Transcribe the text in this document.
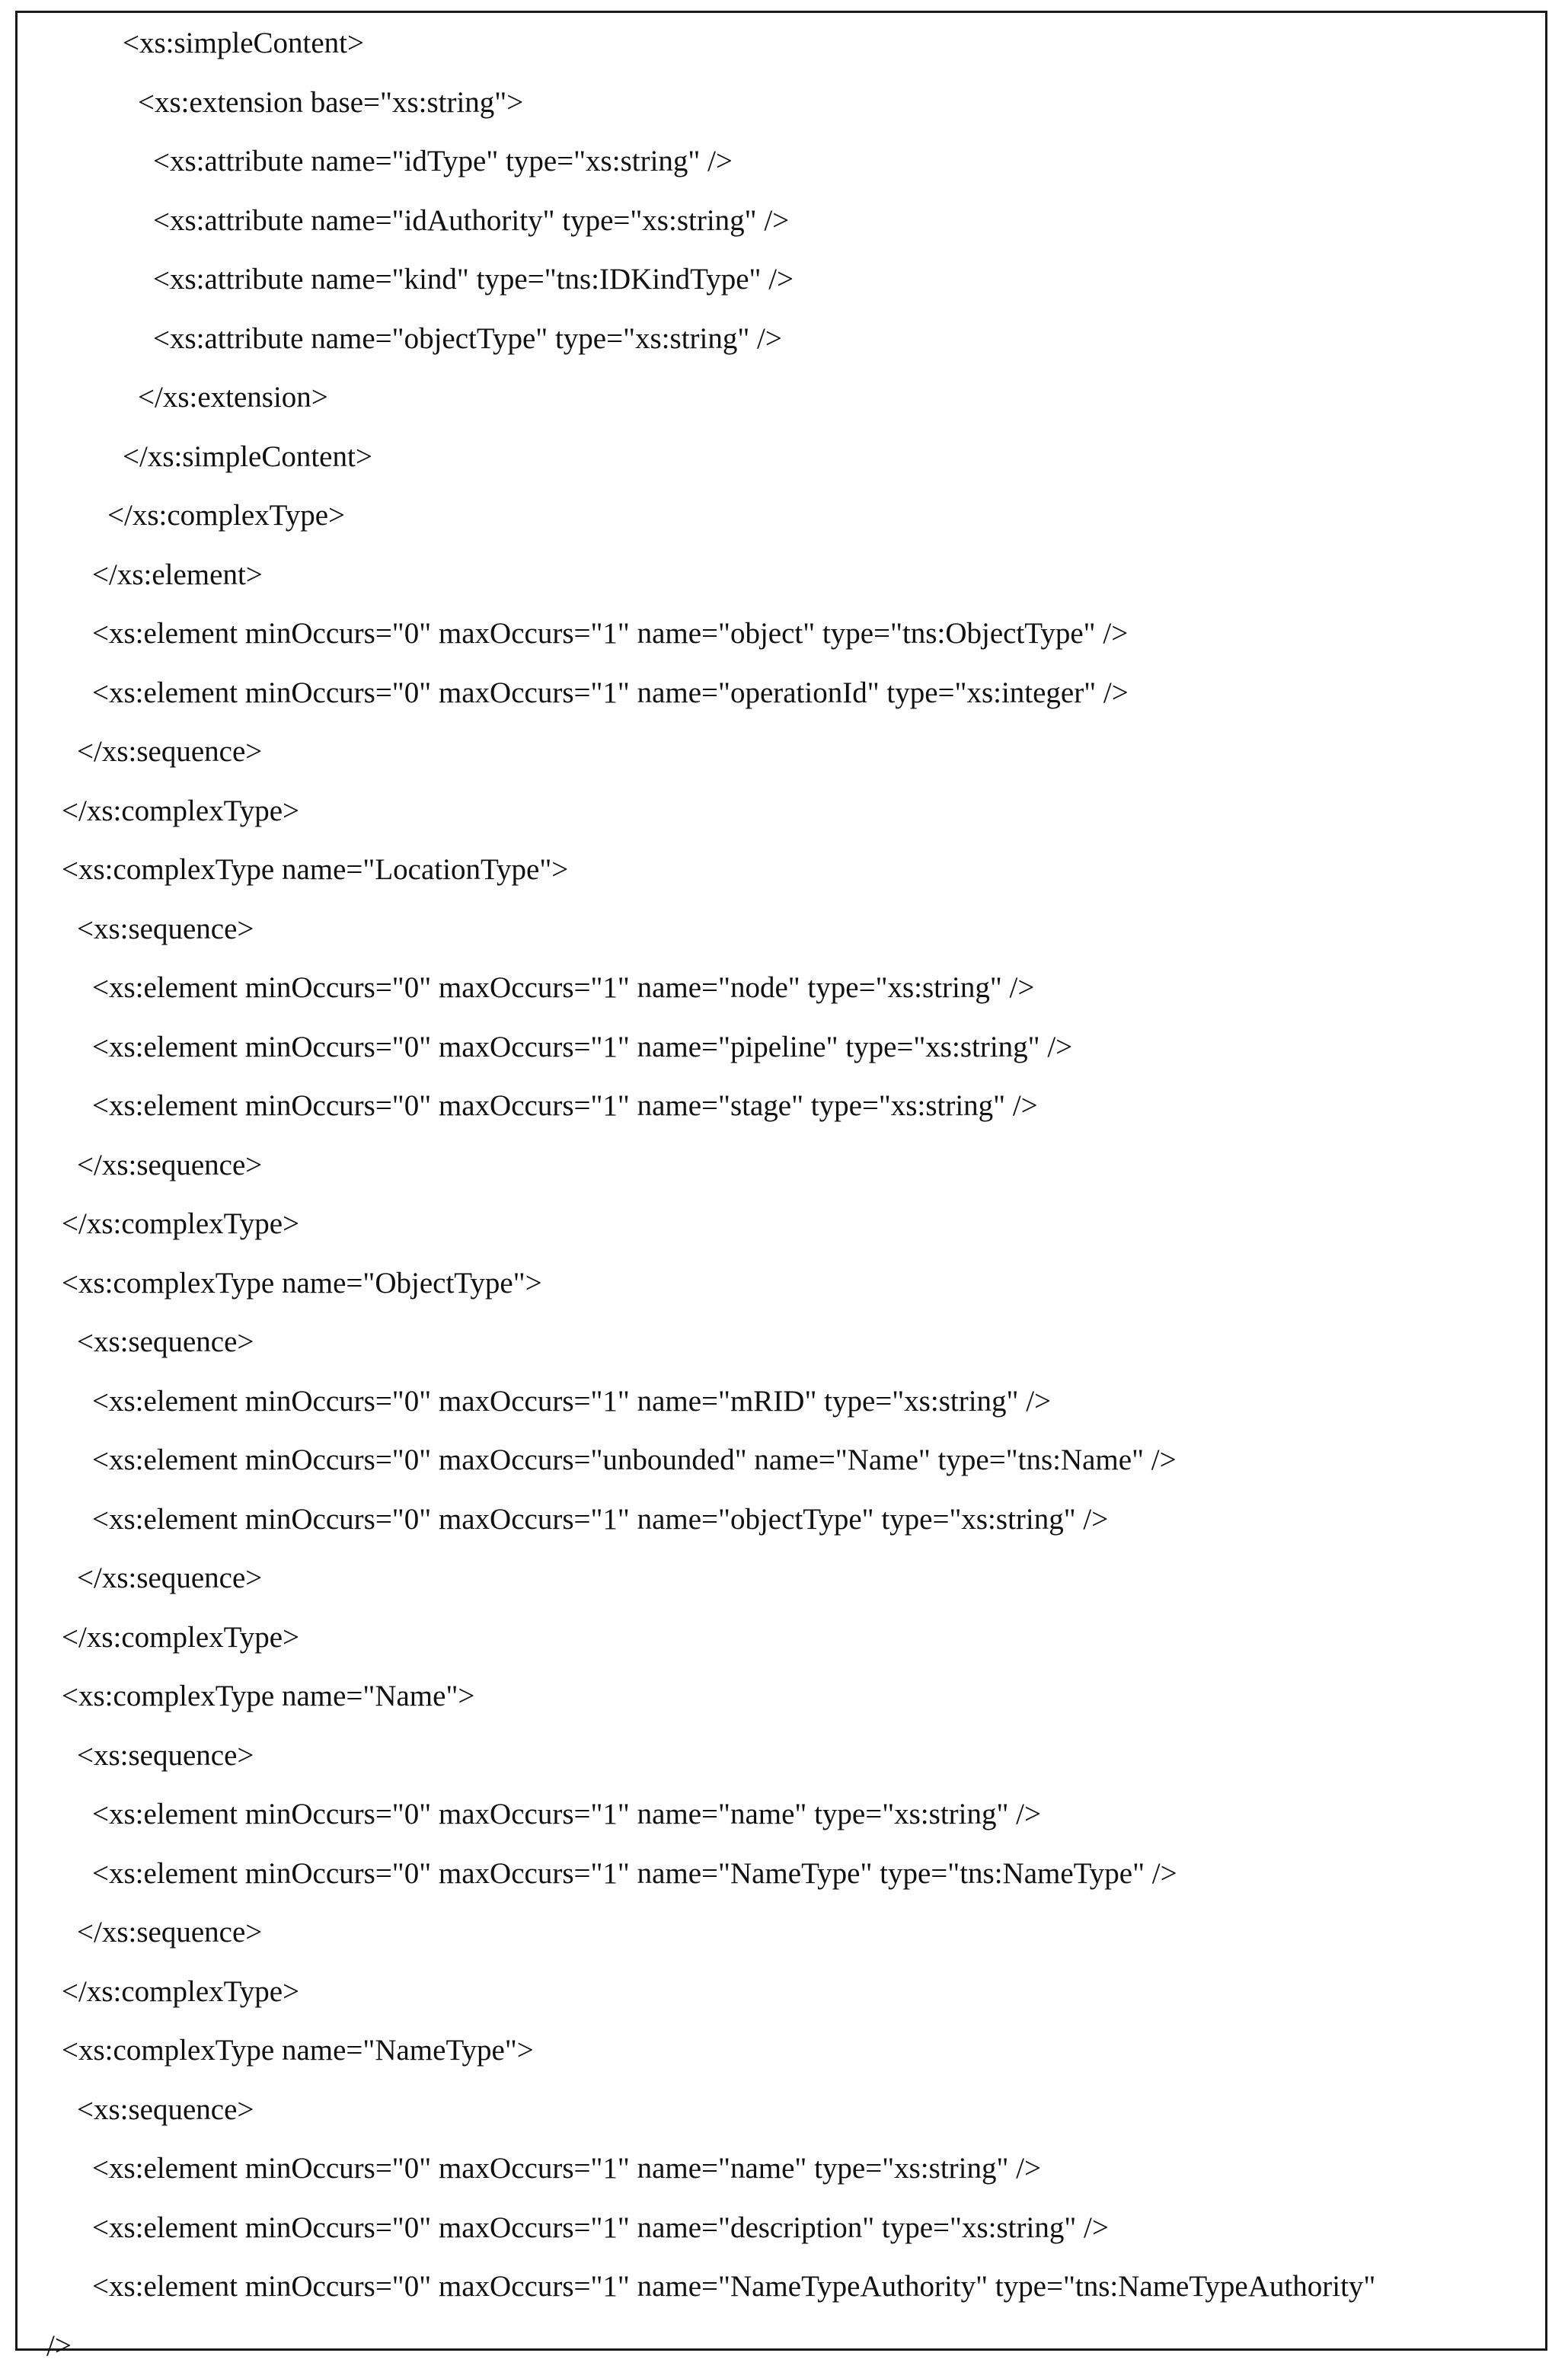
<xs:simpleContent>
<xs:extension base="xs:string">
<xs:attribute name="idType" type="xs:string" />
<xs:attribute name="idAuthority" type="xs:string" />
<xs:attribute name="kind" type="tns:IDKindType" />
<xs:attribute name="objectType" type="xs:string" />
</xs:extension>
</xs:simpleContent>
</xs:complexType>
</xs:element>
<xs:element minOccurs="0" maxOccurs="1" name="object" type="tns:ObjectType" />
<xs:element minOccurs="0" maxOccurs="1" name="operationId" type="xs:integer" />
</xs:sequence>
</xs:complexType>
<xs:complexType name="LocationType">
<xs:sequence>
<xs:element minOccurs="0" maxOccurs="1" name="node" type="xs:string" />
<xs:element minOccurs="0" maxOccurs="1" name="pipeline" type="xs:string" />
<xs:element minOccurs="0" maxOccurs="1" name="stage" type="xs:string" />
</xs:sequence>
</xs:complexType>
<xs:complexType name="ObjectType">
<xs:sequence>
<xs:element minOccurs="0" maxOccurs="1" name="mRID" type="xs:string" />
<xs:element minOccurs="0" maxOccurs="unbounded" name="Name" type="tns:Name" />
<xs:element minOccurs="0" maxOccurs="1" name="objectType" type="xs:string" />
</xs:sequence>
</xs:complexType>
<xs:complexType name="Name">
<xs:sequence>
<xs:element minOccurs="0" maxOccurs="1" name="name" type="xs:string" />
<xs:element minOccurs="0" maxOccurs="1" name="NameType" type="tns:NameType" />
</xs:sequence>
</xs:complexType>
<xs:complexType name="NameType">
<xs:sequence>
<xs:element minOccurs="0" maxOccurs="1" name="name" type="xs:string" />
<xs:element minOccurs="0" maxOccurs="1" name="description" type="xs:string" />
<xs:element minOccurs="0" maxOccurs="1" name="NameTypeAuthority" type="tns:NameTypeAuthority"
/>
